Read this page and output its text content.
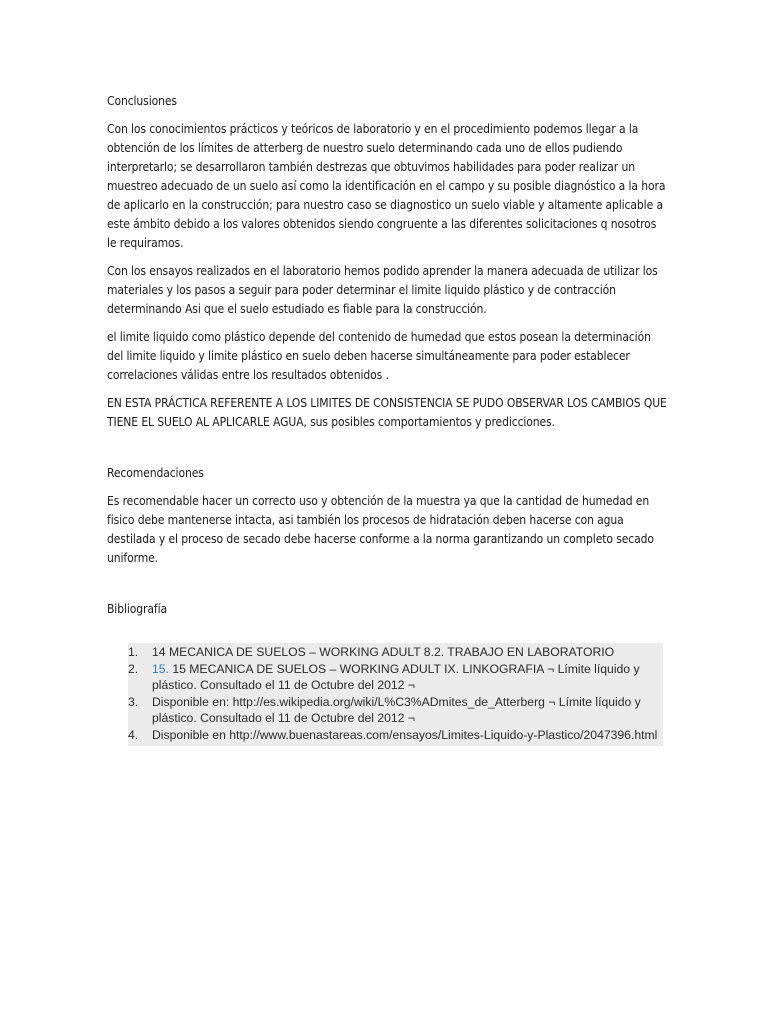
Conclusiones

Con los conocimientos prácticos y teóricos de laboratorio y en el procedimiento podemos llegar a la obtención de los límites de atterberg de nuestro suelo determinando cada uno de ellos pudiendo interpretarlo; se desarrollaron también destrezas que obtuvimos habilidades para poder realizar un muestreo adecuado de un suelo así como la identificación en el campo y su posible diagnóstico a la hora de aplicarlo en la construcción; para nuestro caso se diagnostico un suelo viable y altamente aplicable a este ámbito debido a los valores obtenidos siendo congruente a las diferentes solicitaciones q nosotros le requiramos.

Con los ensayos realizados en el laboratorio hemos podido aprender la manera adecuada de utilizar los materiales y los pasos a seguir para poder determinar el limite liquido plástico y de contracción determinando Asi que el suelo estudiado es fiable para la construcción.

el limite liquido como plástico depende del contenido de humedad que estos posean la determinación del limite liquido y limite plástico en suelo deben hacerse simultáneamente para poder establecer correlaciones válidas entre los resultados obtenidos .

EN ESTA PRÁCTICA REFERENTE A LOS LIMITES DE CONSISTENCIA SE PUDO OBSERVAR LOS CAMBIOS QUE TIENE EL SUELO AL APLICARLE AGUA, sus posibles comportamientos y predicciones.

Recomendaciones

Es recomendable hacer un correcto uso y obtención de la muestra ya que la cantidad de humedad en fisico debe mantenerse intacta, asi también los procesos de hidratación deben hacerse con agua destilada y el proceso de secado debe hacerse conforme a la norma garantizando un completo secado uniforme.

Bibliografía

1. 14 MECANICA DE SUELOS – WORKING ADULT 8.2. TRABAJO EN LABORATORIO
2. 15. 15 MECANICA DE SUELOS – WORKING ADULT IX. LINKOGRAFIA ¬ Límite líquido y plástico. Consultado el 11 de Octubre del 2012 ¬
3. Disponible en: http://es.wikipedia.org/wiki/L%C3%ADmites_de_Atterberg ¬ Límite líquido y plástico. Consultado el 11 de Octubre del 2012 ¬
4. Disponible en http://www.buenastareas.com/ensayos/Limites-Liquido-y-Plastico/2047396.html
